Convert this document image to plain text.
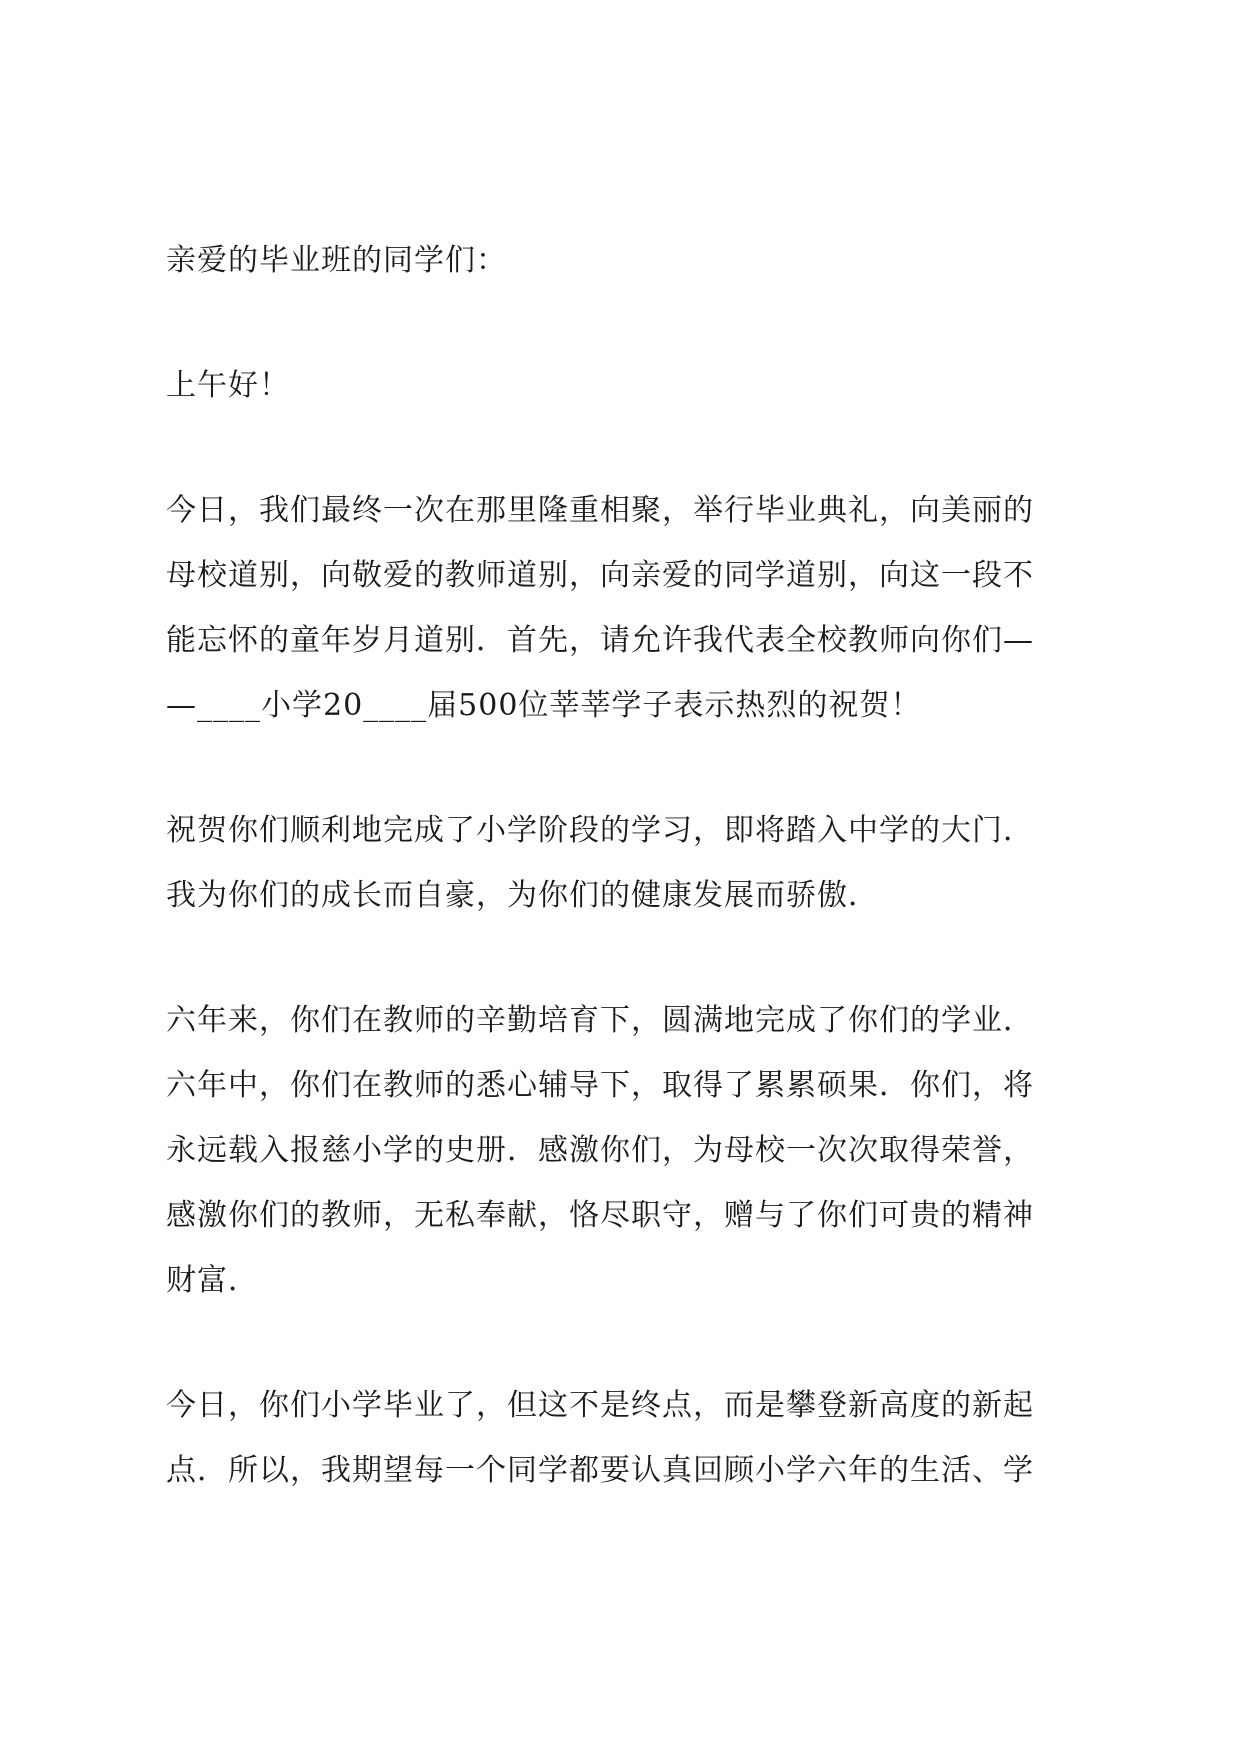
亲爱的毕业班的同学们：

上午好！

今日，我们最终一次在那里隆重相聚，举行毕业典礼，向美丽的

母校道别，向敬爱的教师道别，向亲爱的同学道别，向这一段不

能忘怀的童年岁月道别．首先，请允许我代表全校教师向你们—

—____小学20____届500位莘莘学子表示热烈的祝贺！

祝贺你们顺利地完成了小学阶段的学习，即将踏入中学的大门．

我为你们的成长而自豪，为你们的健康发展而骄傲．

六年来，你们在教师的辛勤培育下，圆满地完成了你们的学业．

六年中，你们在教师的悉心辅导下，取得了累累硕果．你们，将

永远载入报慈小学的史册．感激你们，为母校一次次取得荣誉，

感激你们的教师，无私奉献，恪尽职守，赠与了你们可贵的精神

财富．

今日，你们小学毕业了，但这不是终点，而是攀登新高度的新起

点．所以，我期望每一个同学都要认真回顾小学六年的生活、学
